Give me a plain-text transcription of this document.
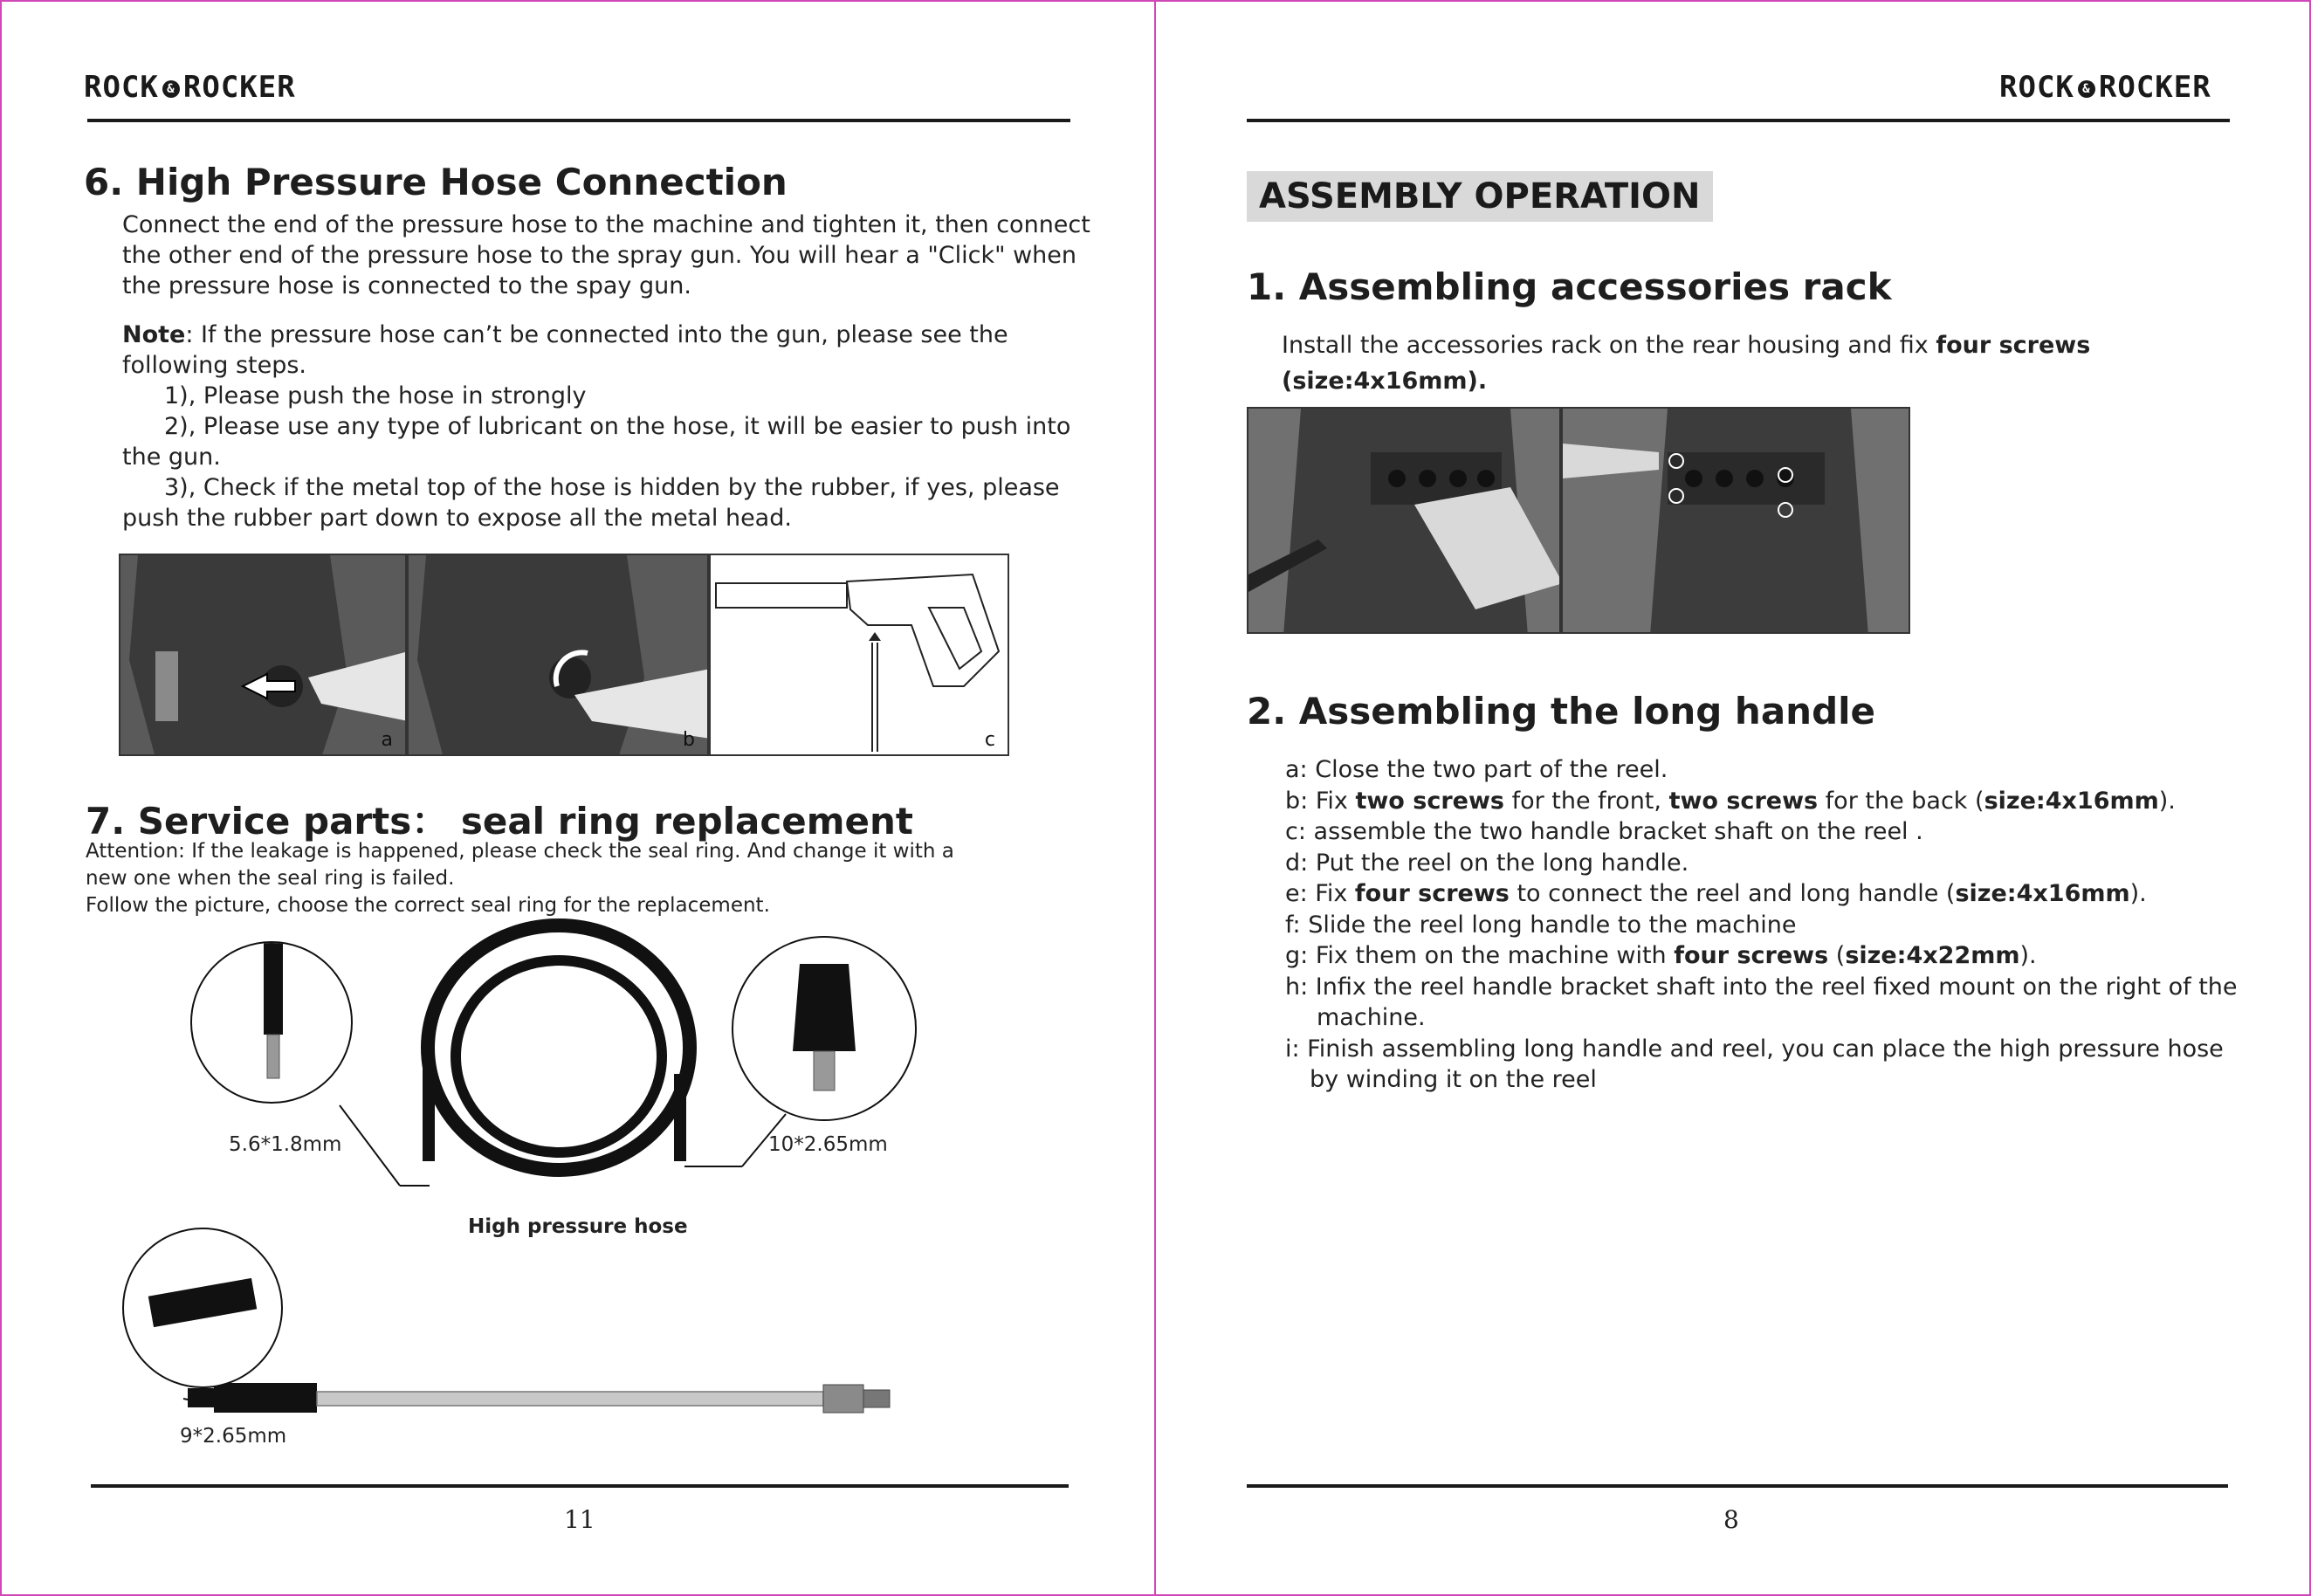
ROCK & ROCKER
6. High Pressure Hose Connection
Connect the end of the pressure hose to the machine and tighten it, then connect
the other end of the pressure hose to the spray gun. You will hear a "Click" when
the pressure hose is connected to the spay gun.
Note: If the pressure hose can’t be connected into the gun, please see the
following steps.
1), Please push the hose in strongly
2), Please use any type of lubricant on the hose, it will be easier to push into
the gun.
3), Check if the metal top of the hose is hidden by the rubber, if yes, please
push the rubber part down to expose all the metal head.
a	b	c
7. Service parts： seal ring replacement
Attention: If the leakage is happened, please check the seal ring. And change it with a
new one when the seal ring is failed.
Follow the picture, choose the correct seal ring for the replacement.
5.6*1.8mm	10*2.65mm
High pressure hose
9*2.65mm
11
ROCK & ROCKER
ASSEMBLY OPERATION
1. Assembling accessories rack
Install the accessories rack on the rear housing and fix four screws
(size:4x16mm).
2. Assembling the long handle
a: Close the two part of the reel.
b: Fix two screws for the front, two screws for the back (size:4x16mm).
c: assemble the two handle bracket shaft on the reel .
d: Put the reel on the long handle.
e: Fix four screws to connect the reel and long handle (size:4x16mm).
f: Slide the reel long handle to the machine
g: Fix them on the machine with four screws (size:4x22mm).
h: Infix the reel handle bracket shaft into the reel fixed mount on the right of the
machine.
i: Finish assembling long handle and reel, you can place the high pressure hose
by winding it on the reel
8
